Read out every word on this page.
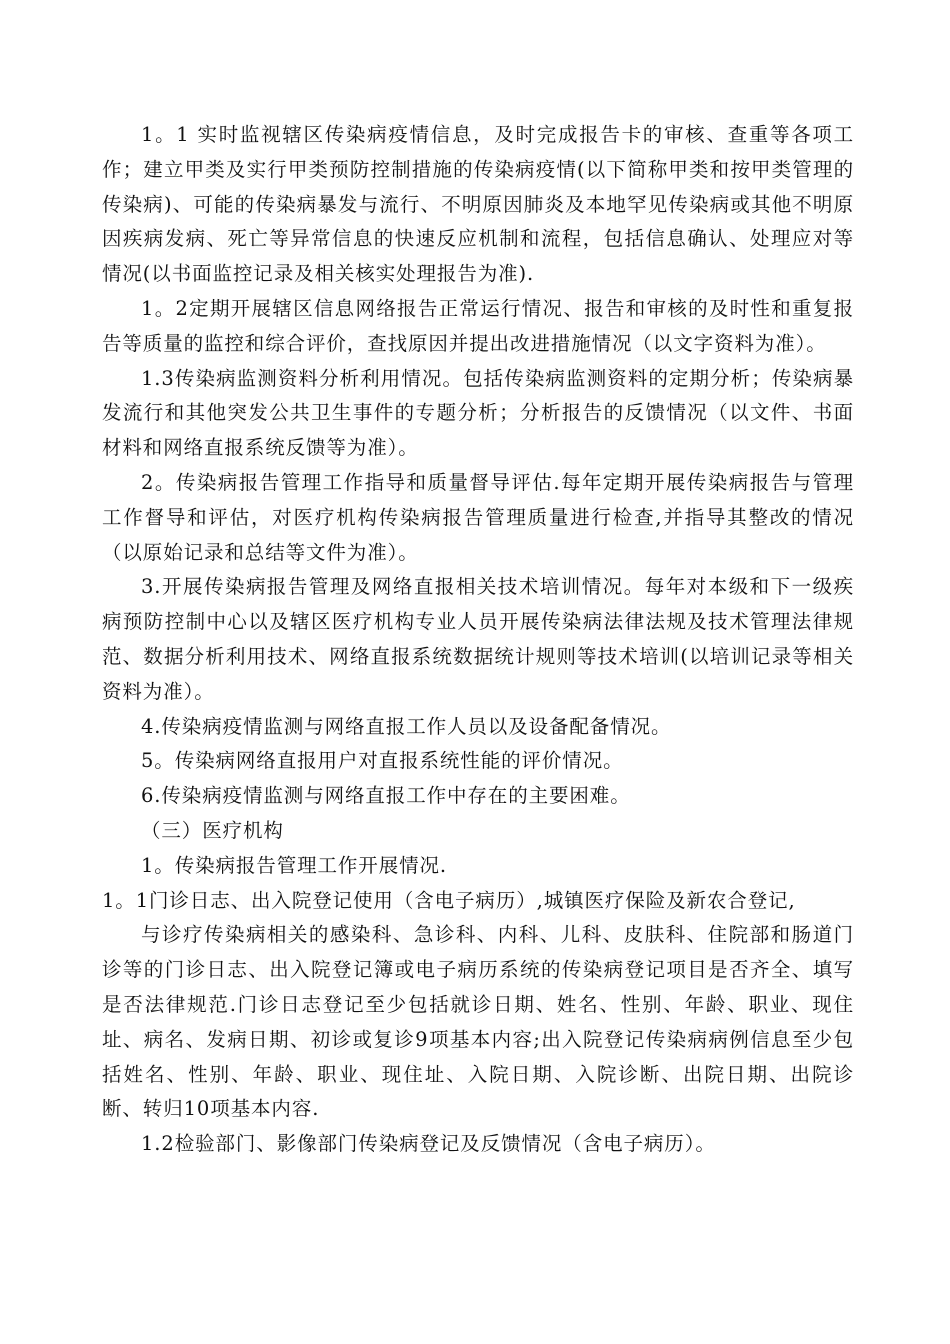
1。1 实时监视辖区传染病疫情信息，及时完成报告卡的审核、查重等各项工作；建立甲类及实行甲类预防控制措施的传染病疫情(以下简称甲类和按甲类管理的传染病)、可能的传染病暴发与流行、不明原因肺炎及本地罕见传染病或其他不明原因疾病发病、死亡等异常信息的快速反应机制和流程，包括信息确认、处理应对等情况(以书面监控记录及相关核实处理报告为准).

1。2定期开展辖区信息网络报告正常运行情况、报告和审核的及时性和重复报告等质量的监控和综合评价，查找原因并提出改进措施情况（以文字资料为准）。

1.3传染病监测资料分析利用情况。包括传染病监测资料的定期分析；传染病暴发流行和其他突发公共卫生事件的专题分析；分析报告的反馈情况（以文件、书面材料和网络直报系统反馈等为准）。

2。传染病报告管理工作指导和质量督导评估.每年定期开展传染病报告与管理工作督导和评估，对医疗机构传染病报告管理质量进行检查,并指导其整改的情况（以原始记录和总结等文件为准）。

3.开展传染病报告管理及网络直报相关技术培训情况。每年对本级和下一级疾病预防控制中心以及辖区医疗机构专业人员开展传染病法律法规及技术管理法律规范、数据分析利用技术、网络直报系统数据统计规则等技术培训(以培训记录等相关资料为准）。

4.传染病疫情监测与网络直报工作人员以及设备配备情况。

5。传染病网络直报用户对直报系统性能的评价情况。

6.传染病疫情监测与网络直报工作中存在的主要困难。

（三）医疗机构

1。传染病报告管理工作开展情况.

1。1门诊日志、出入院登记使用（含电子病历）,城镇医疗保险及新农合登记,

与诊疗传染病相关的感染科、急诊科、内科、儿科、皮肤科、住院部和肠道门诊等的门诊日志、出入院登记簿或电子病历系统的传染病登记项目是否齐全、填写是否法律规范.门诊日志登记至少包括就诊日期、姓名、性别、年龄、职业、现住址、病名、发病日期、初诊或复诊9项基本内容;出入院登记传染病病例信息至少包括姓名、性别、年龄、职业、现住址、入院日期、入院诊断、出院日期、出院诊断、转归10项基本内容.

1.2检验部门、影像部门传染病登记及反馈情况（含电子病历）。
